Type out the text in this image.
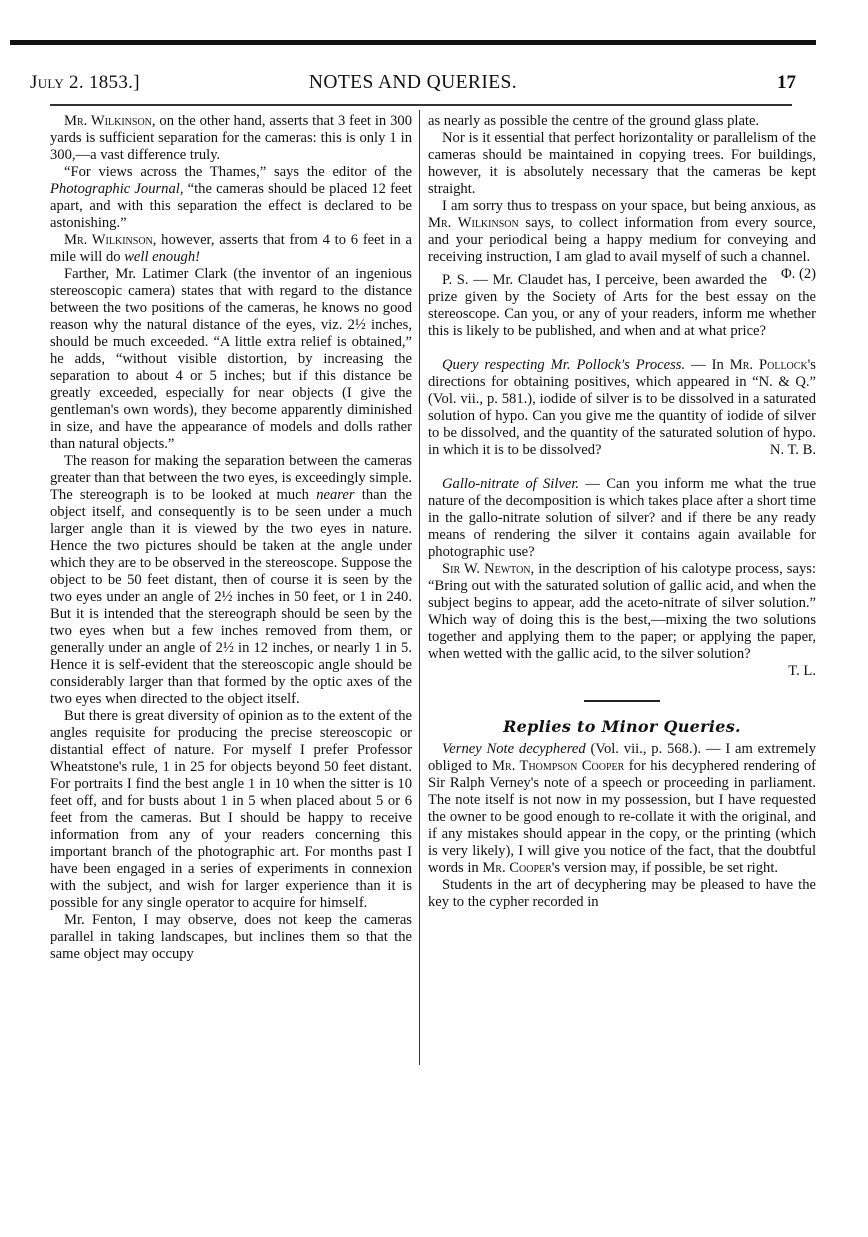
July 2. 1853.]	NOTES AND QUERIES.	17

Mr. Wilkinson, on the other hand, asserts that 3 feet in 300 yards is sufficient separation for the cameras: this is only 1 in 300,—a vast difference truly.

“For views across the Thames,” says the editor of the Photographic Journal, “the cameras should be placed 12 feet apart, and with this separation the effect is declared to be astonishing.”

Mr. Wilkinson, however, asserts that from 4 to 6 feet in a mile will do well enough!

Farther, Mr. Latimer Clark (the inventor of an ingenious stereoscopic camera) states that with regard to the distance between the two positions of the cameras, he knows no good reason why the natural distance of the eyes, viz. 2½ inches, should be much exceeded. “A little extra relief is obtained,” he adds, “without visible distortion, by increasing the separation to about 4 or 5 inches; but if this distance be greatly exceeded, especially for near objects (I give the gentleman's own words), they become apparently diminished in size, and have the appearance of models and dolls rather than natural objects.”

The reason for making the separation between the cameras greater than that between the two eyes, is exceedingly simple. The stereograph is to be looked at much nearer than the object itself, and consequently is to be seen under a much larger angle than it is viewed by the two eyes in nature. Hence the two pictures should be taken at the angle under which they are to be observed in the stereoscope. Suppose the object to be 50 feet distant, then of course it is seen by the two eyes under an angle of 2½ inches in 50 feet, or 1 in 240. But it is intended that the stereograph should be seen by the two eyes when but a few inches removed from them, or generally under an angle of 2½ in 12 inches, or nearly 1 in 5. Hence it is self-evident that the stereoscopic angle should be considerably larger than that formed by the optic axes of the two eyes when directed to the object itself.

But there is great diversity of opinion as to the extent of the angles requisite for producing the precise stereoscopic or distantial effect of nature. For myself I prefer Professor Wheatstone's rule, 1 in 25 for objects beyond 50 feet distant. For portraits I find the best angle 1 in 10 when the sitter is 10 feet off, and for busts about 1 in 5 when placed about 5 or 6 feet from the cameras. But I should be happy to receive information from any of your readers concerning this important branch of the photographic art. For months past I have been engaged in a series of experiments in connexion with the subject, and wish for larger experience than it is possible for any single operator to acquire for himself.

Mr. Fenton, I may observe, does not keep the cameras parallel in taking landscapes, but inclines them so that the same object may occupy

as nearly as possible the centre of the ground glass plate.

Nor is it essential that perfect horizontality or parallelism of the cameras should be maintained in copying trees. For buildings, however, it is absolutely necessary that the cameras be kept straight.

I am sorry thus to trespass on your space, but being anxious, as Mr. Wilkinson says, to collect information from every source, and your periodical being a happy medium for conveying and receiving instruction, I am glad to avail myself of such a channel.
Φ. (2)

P. S. — Mr. Claudet has, I perceive, been awarded the prize given by the Society of Arts for the best essay on the stereoscope. Can you, or any of your readers, inform me whether this is likely to be published, and when and at what price?

Query respecting Mr. Pollock's Process. — In Mr. Pollock's directions for obtaining positives, which appeared in “N. & Q.” (Vol. vii., p. 581.), iodide of silver is to be dissolved in a saturated solution of hypo. Can you give me the quantity of iodide of silver to be dissolved, and the quantity of the saturated solution of hypo. in which it is to be dissolved?	N. T. B.

Gallo-nitrate of Silver. — Can you inform me what the true nature of the decomposition is which takes place after a short time in the gallo-nitrate solution of silver? and if there be any ready means of rendering the silver it contains again available for photographic use?

Sir W. Newton, in the description of his calotype process, says: “Bring out with the saturated solution of gallic acid, and when the subject begins to appear, add the aceto-nitrate of silver solution.” Which way of doing this is the best,—mixing the two solutions together and applying them to the paper; or applying the paper, when wetted with the gallic acid, to the silver solution?

T. L.

Replies to Minor Queries.

Verney Note decyphered (Vol. vii., p. 568.). — I am extremely obliged to Mr. Thompson Cooper for his decyphered rendering of Sir Ralph Verney's note of a speech or proceeding in parliament. The note itself is not now in my possession, but I have requested the owner to be good enough to re-collate it with the original, and if any mistakes should appear in the copy, or the printing (which is very likely), I will give you notice of the fact, that the doubtful words in Mr. Cooper's version may, if possible, be set right.

Students in the art of decyphering may be pleased to have the key to the cypher recorded in
